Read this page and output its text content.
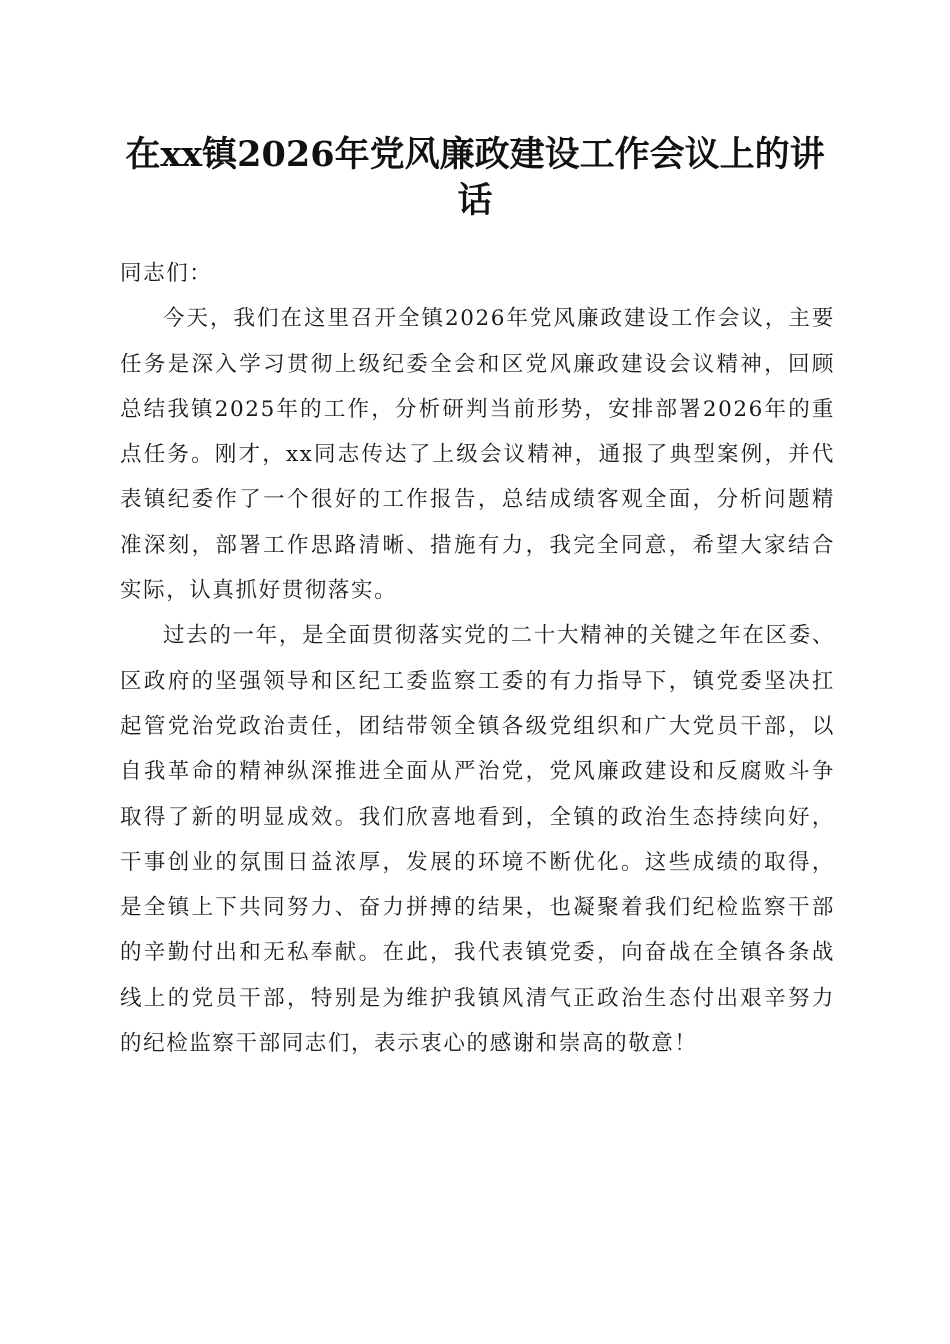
在xx镇2026年党风廉政建设工作会议上的讲话

同志们：

今天，我们在这里召开全镇2026年党风廉政建设工作会议，主要任务是深入学习贯彻上级纪委全会和区党风廉政建设会议精神，回顾总结我镇2025年的工作，分析研判当前形势，安排部署2026年的重点任务。刚才，xx同志传达了上级会议精神，通报了典型案例，并代表镇纪委作了一个很好的工作报告，总结成绩客观全面，分析问题精准深刻，部署工作思路清晰、措施有力，我完全同意，希望大家结合实际，认真抓好贯彻落实。

过去的一年，是全面贯彻落实党的二十大精神的关键之年在区委、区政府的坚强领导和区纪工委监察工委的有力指导下，镇党委坚决扛起管党治党政治责任，团结带领全镇各级党组织和广大党员干部，以自我革命的精神纵深推进全面从严治党，党风廉政建设和反腐败斗争取得了新的明显成效。我们欣喜地看到，全镇的政治生态持续向好，干事创业的氛围日益浓厚，发展的环境不断优化。这些成绩的取得，是全镇上下共同努力、奋力拼搏的结果，也凝聚着我们纪检监察干部的辛勤付出和无私奉献。在此，我代表镇党委，向奋战在全镇各条战线上的党员干部，特别是为维护我镇风清气正政治生态付出艰辛努力的纪检监察干部同志们，表示衷心的感谢和崇高的敬意！
